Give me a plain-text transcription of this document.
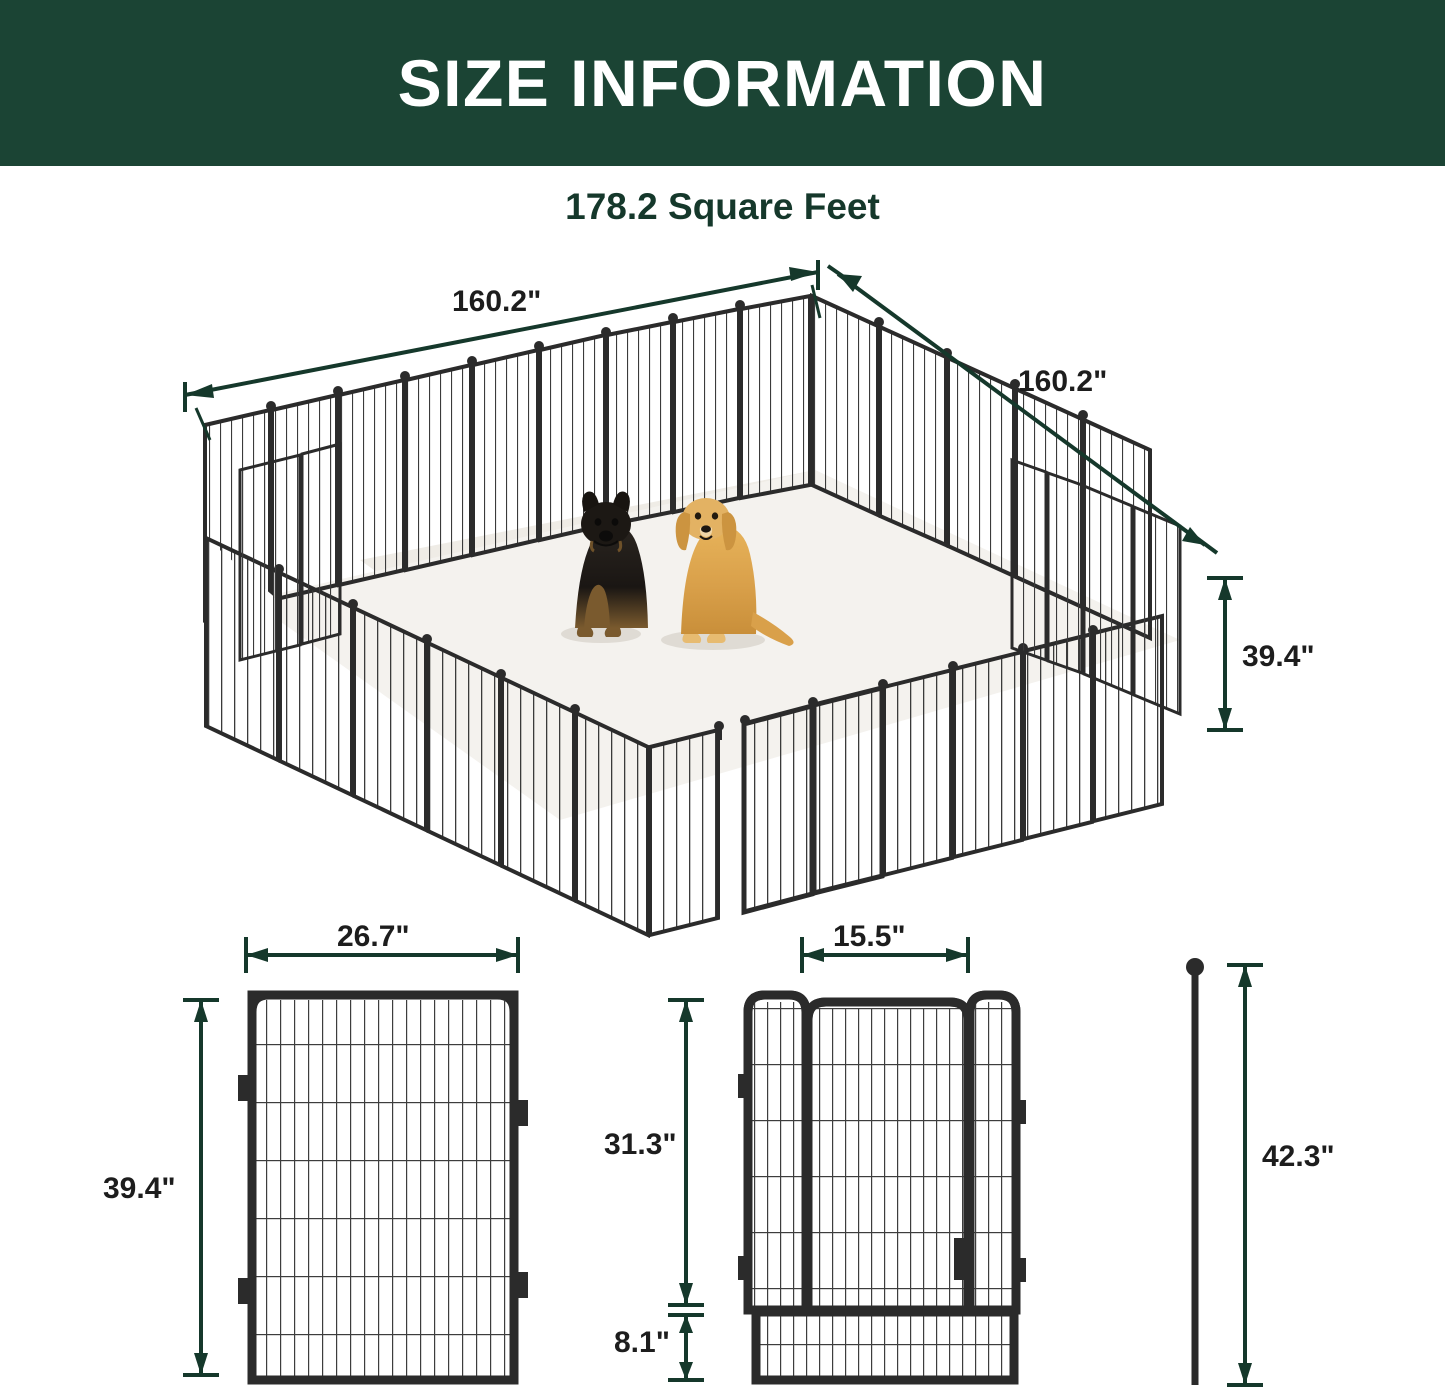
SIZE INFORMATION
178.2 Square Feet
160.2"
160.2"
39.4"
26.7"
39.4"
15.5"
31.3"
8.1"
42.3"
